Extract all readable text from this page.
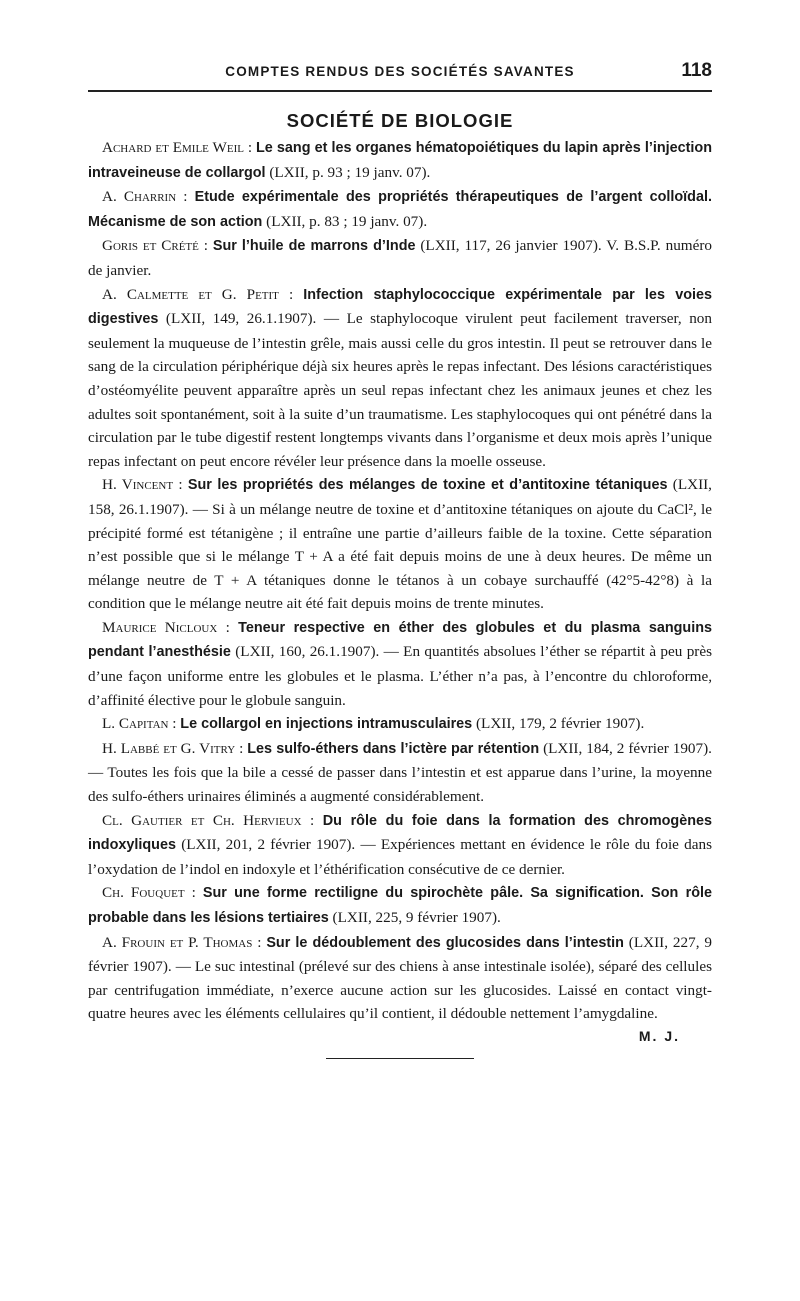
COMPTES RENDUS DES SOCIÉTÉS SAVANTES	118
SOCIÉTÉ DE BIOLOGIE

Achard et Emile Weil : Le sang et les organes hématopoiétiques du lapin après l’injection intraveineuse de collargol (LXII, p. 93 ; 19 janv. 07).

A. Charrin : Etude expérimentale des propriétés thérapeutiques de l’argent colloïdal. Mécanisme de son action (LXII, p. 83 ; 19 janv. 07).

Goris et Crété : Sur l’huile de marrons d’Inde (LXII, 117, 26 janvier 1907). V. B.S.P. numéro de janvier.

A. Calmette et G. Petit : Infection staphylococcique expérimentale par les voies digestives (LXII, 149, 26.1.1907). — Le staphylocoque virulent peut facilement traverser, non seulement la muqueuse de l’intestin grêle, mais aussi celle du gros intestin. Il peut se retrouver dans le sang de la circulation périphérique déjà six heures après le repas infectant. Des lésions caractéristiques d’ostéomyélite peuvent apparaître après un seul repas infectant chez les animaux jeunes et chez les adultes soit spontanément, soit à la suite d’un traumatisme. Les staphylocoques qui ont pénétré dans la circulation par le tube digestif restent longtemps vivants dans l’organisme et deux mois après l’unique repas infectant on peut encore révéler leur présence dans la moelle osseuse.

H. Vincent : Sur les propriétés des mélanges de toxine et d’antitoxine tétaniques (LXII, 158, 26.1.1907). — Si à un mélange neutre de toxine et d’antitoxine tétaniques on ajoute du CaCl², le précipité formé est tétanigène ; il entraîne une partie d’ailleurs faible de la toxine. Cette séparation n’est possible que si le mélange T + A a été fait depuis moins de une à deux heures. De même un mélange neutre de T + A tétaniques donne le tétanos à un cobaye surchauffé (42°5-42°8) à la condition que le mélange neutre ait été fait depuis moins de trente minutes.

Maurice Nicloux : Teneur respective en éther des globules et du plasma sanguins pendant l’anesthésie (LXII, 160, 26.1.1907). — En quantités absolues l’éther se répartit à peu près d’une façon uniforme entre les globules et le plasma. L’éther n’a pas, à l’encontre du chloroforme, d’affinité élective pour le globule sanguin.

L. Capitan : Le collargol en injections intramusculaires (LXII, 179, 2 février 1907).

H. Labbé et G. Vitry : Les sulfo-éthers dans l’ictère par rétention (LXII, 184, 2 février 1907). — Toutes les fois que la bile a cessé de passer dans l’intestin et est apparue dans l’urine, la moyenne des sulfo-éthers urinaires éliminés a augmenté considérablement.

Cl. Gautier et Ch. Hervieux : Du rôle du foie dans la formation des chromogènes indoxyliques (LXII, 201, 2 février 1907). — Expériences mettant en évidence le rôle du foie dans l’oxydation de l’indol en indoxyle et l’éthérification consécutive de ce dernier.

Ch. Fouquet : Sur une forme rectiligne du spirochète pâle. Sa signification. Son rôle probable dans les lésions tertiaires (LXII, 225, 9 février 1907).

A. Frouin et P. Thomas : Sur le dédoublement des glucosides dans l’intestin (LXII, 227, 9 février 1907). — Le suc intestinal (prélevé sur des chiens à anse intestinale isolée), séparé des cellules par centrifugation immédiate, n’exerce aucune action sur les glucosides. Laissé en contact vingt-quatre heures avec les éléments cellulaires qu’il contient, il dédouble nettement l’amygdaline.

M. J.
